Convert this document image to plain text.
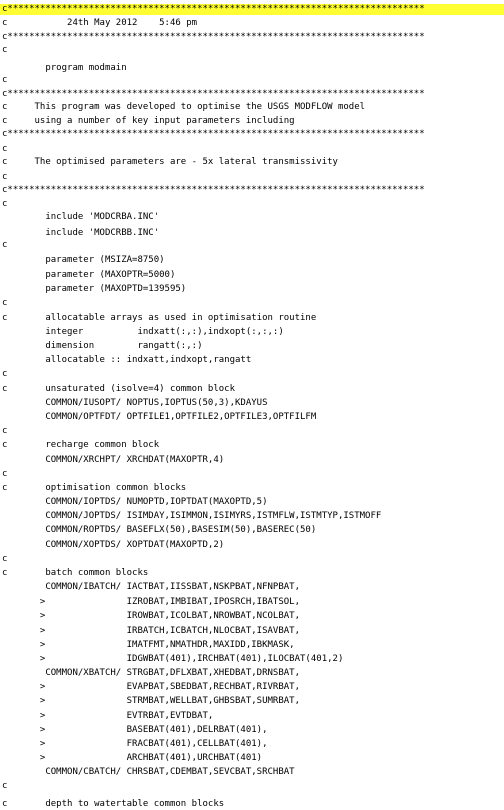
c*****************************************************************************
c           24th May 2012    5:46 pm
c*****************************************************************************
c
program modmain
c
c*****************************************************************************
c     This program was developed to optimise the USGS MODFLOW model
c     using a number of key input parameters including
c*****************************************************************************
c
c     The optimised parameters are - 5x lateral transmissivity
c
c*****************************************************************************
c
include 'MODCRBA.INC'
include 'MODCRBB.INC'
c
parameter (MSIZA=8750)
parameter (MAXOPTR=5000)
parameter (MAXOPTD=139595)
c
c       allocatable arrays as used in optimisation routine
integer          indxatt(:,:),indxopt(:,:,:)
dimension        rangatt(:,:)
allocatable :: indxatt,indxopt,rangatt
c
c       unsaturated (isolve=4) common block
COMMON/IUSOPT/ NOPTUS,IOPTUS(50,3),KDAYUS
COMMON/OPTFDT/ OPTFILE1,OPTFILE2,OPTFILE3,OPTFILFM
c
c       recharge common block
COMMON/XRCHPT/ XRCHDAT(MAXOPTR,4)
c
c       optimisation common blocks
COMMON/IOPTDS/ NUMOPTD,IOPTDAT(MAXOPTD,5)
COMMON/JOPTDS/ ISIMDAY,ISIMMON,ISIMYRS,ISTMFLW,ISTMTYP,ISTMOFF
COMMON/ROPTDS/ BASEFLX(50),BASESIM(50),BASEREC(50)
COMMON/XOPTDS/ XOPTDAT(MAXOPTD,2)
c
c       batch common blocks
COMMON/IBATCH/ IACTBAT,IISSBAT,NSKPBAT,NFNPBAT,
>               IZROBAT,IMBIBAT,IPOSRCH,IBATSOL,
>               IROWBAT,ICOLBAT,NROWBAT,NCOLBAT,
>               IRBATCH,ICBATCH,NLOCBAT,ISAVBAT,
>               IMATFMT,NMATHDR,MAXIDD,IBKMASK,
>               IDGWBAT(401),IRCHBAT(401),ILOCBAT(401,2)
COMMON/XBATCH/ STRGBAT,DFLXBAT,XHEDBAT,DRNSBAT,
>               EVAPBAT,SBEDBAT,RECHBAT,RIVRBAT,
>               STRMBAT,WELLBAT,GHBSBAT,SUMRBAT,
>               EVTRBAT,EVTDBAT,
>               BASEBAT(401),DELRBAT(401),
>               FRACBAT(401),CELLBAT(401),
>               ARCHBAT(401),URCHBAT(401)
COMMON/CBATCH/ CHRSBAT,CDEMBAT,SEVCBAT,SRCHBAT
c
c       depth to watertable common blocks
